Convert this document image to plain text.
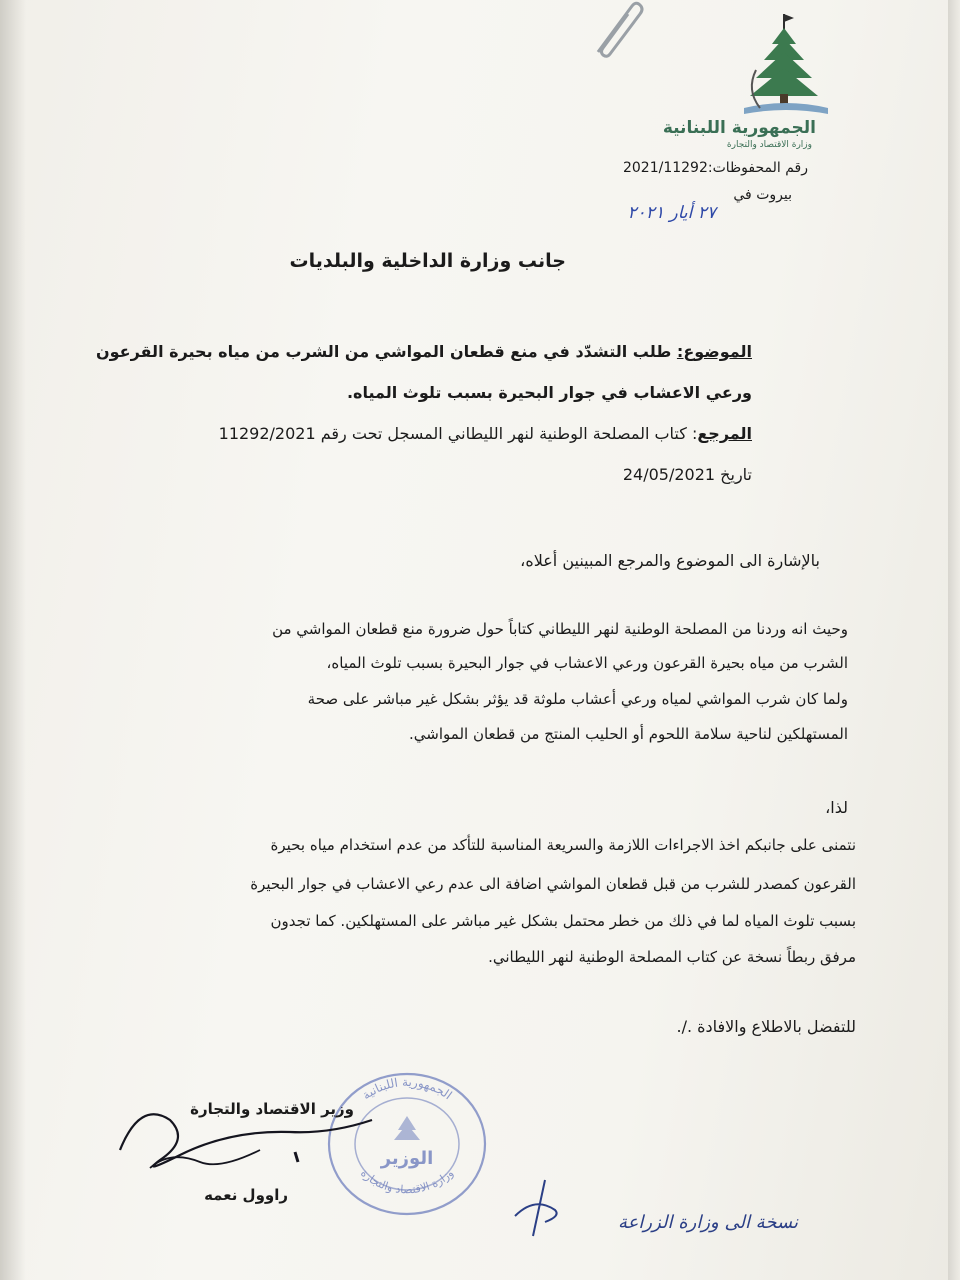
الجمهورية اللبنانية
وزارة الاقتصاد والتجارة
رقم المحفوظات:2021/11292
بيروت في
٢٧ أيار ٢٠٢١
جانب وزارة الداخلية والبلديات
الموضوع: طلب التشدّد في منع قطعان المواشي من الشرب من مياه بحيرة القرعون
ورعي الاعشاب في جوار البحيرة بسبب تلوث المياه.
المرجع: كتاب المصلحة الوطنية لنهر الليطاني المسجل تحت رقم 11292/2021
تاريخ 24/05/2021
بالإشارة الى الموضوع والمرجع المبينين أعلاه،
وحيث انه وردنا من المصلحة الوطنية لنهر الليطاني كتاباً حول ضرورة منع قطعان المواشي من
الشرب من مياه بحيرة القرعون ورعي الاعشاب في جوار البحيرة بسبب تلوث المياه،
ولما كان شرب المواشي لمياه ورعي أعشاب ملوثة قد يؤثر بشكل غير مباشر على صحة
المستهلكين لناحية سلامة اللحوم أو الحليب المنتج من قطعان المواشي.
لذا،
نتمنى على جانبكم اخذ الاجراءات اللازمة والسريعة المناسبة للتأكد من عدم استخدام مياه بحيرة
القرعون كمصدر للشرب من قبل قطعان المواشي اضافة الى عدم رعي الاعشاب في جوار البحيرة
بسبب تلوث المياه لما في ذلك من خطر محتمل بشكل غير مباشر على المستهلكين. كما تجدون
مرفق ربطاً نسخة عن كتاب المصلحة الوطنية لنهر الليطاني.
للتفضل بالاطلاع والافادة ./.
الجمهورية اللبنانية
وزارة الاقتصاد والتجارة
الوزير
وزير الاقتصاد والتجارة
راوول نعمه
نسخة الى وزارة الزراعة
